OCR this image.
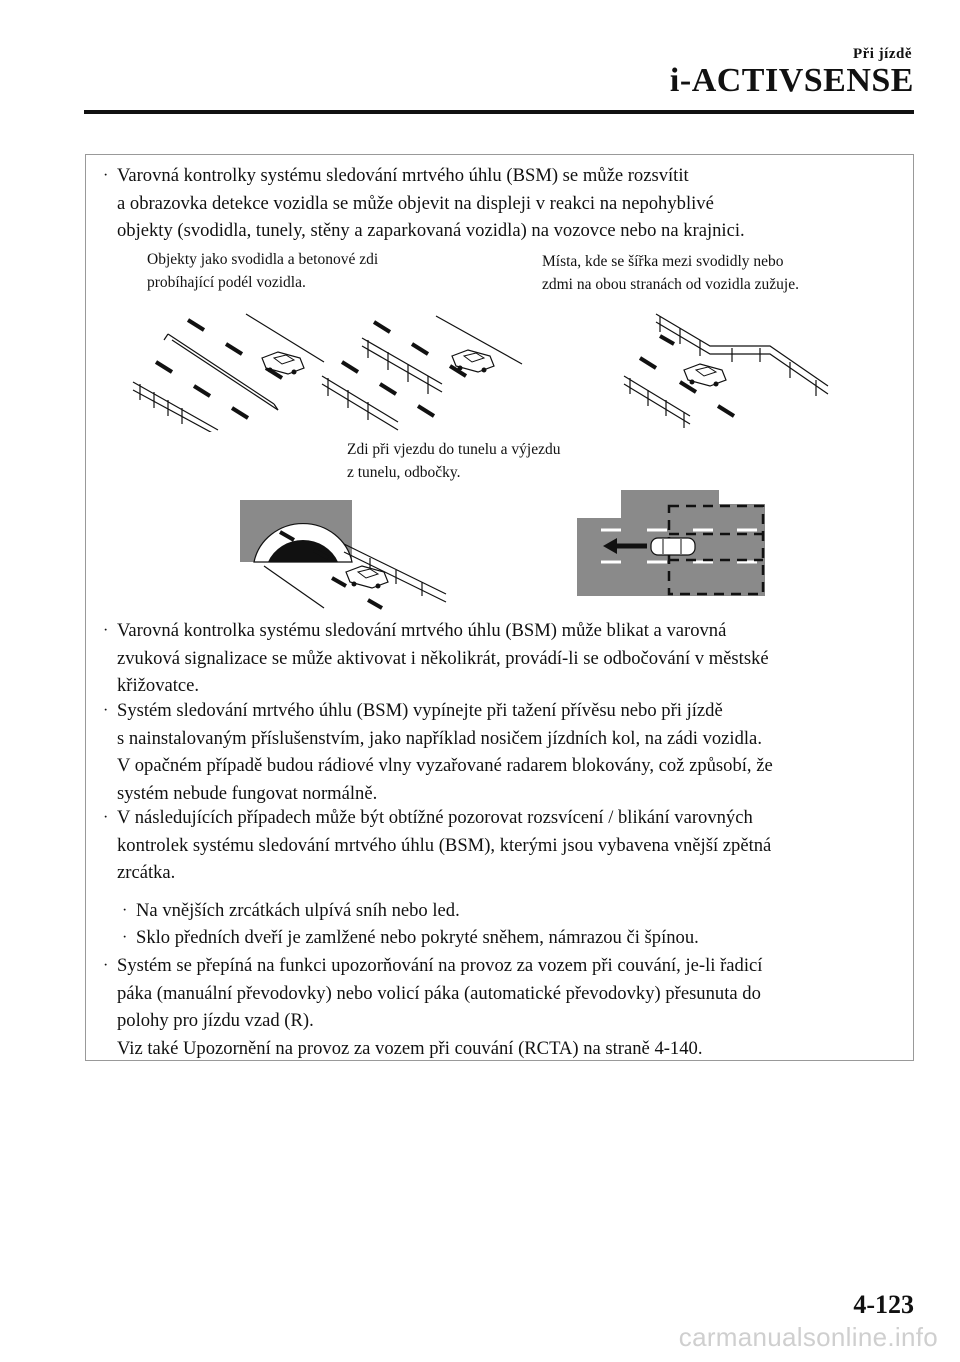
Při jízdě
i-ACTIVSENSE
· Varovná kontrolky systému sledování mrtvého úhlu (BSM) se může rozsvítit
a obrazovka detekce vozidla se může objevit na displeji v reakci na nepohyblivé
objekty (svodidla, tunely, stěny a zaparkovaná vozidla) na vozovce nebo na krajnici.
Objekty jako svodidla a betonové zdi
probíhající podél vozidla.
Místa, kde se šířka mezi svodidly nebo
zdmi na obou stranách od vozidla zužuje.
Zdi při vjezdu do tunelu a výjezdu
z tunelu, odbočky.
· Varovná kontrolka systému sledování mrtvého úhlu (BSM) může blikat a varovná
zvuková signalizace se může aktivovat i několikrát, provádí-li se odbočování v městské
křižovatce.
· Systém sledování mrtvého úhlu (BSM) vypínejte při tažení přívěsu nebo při jízdě
s nainstalovaným příslušenstvím, jako například nosičem jízdních kol, na zádi vozidla.
V opačném případě budou rádiové vlny vyzařované radarem blokovány, což způsobí, že
systém nebude fungovat normálně.
· V následujících případech může být obtížné pozorovat rozsvícení / blikání varovných
kontrolek systému sledování mrtvého úhlu (BSM), kterými jsou vybavena vnější zpětná
zrcátka.
· Na vnějších zrcátkách ulpívá sníh nebo led.
· Sklo předních dveří je zamlžené nebo pokryté sněhem, námrazou či špínou.
· Systém se přepíná na funkci upozorňování na provoz za vozem při couvání, je-li řadicí
páka (manuální převodovky) nebo volicí páka (automatické převodovky) přesunuta do
polohy pro jízdu vzad (R).
Viz také Upozornění na provoz za vozem při couvání (RCTA) na straně 4-140.
4-123
carmanualsonline.info
